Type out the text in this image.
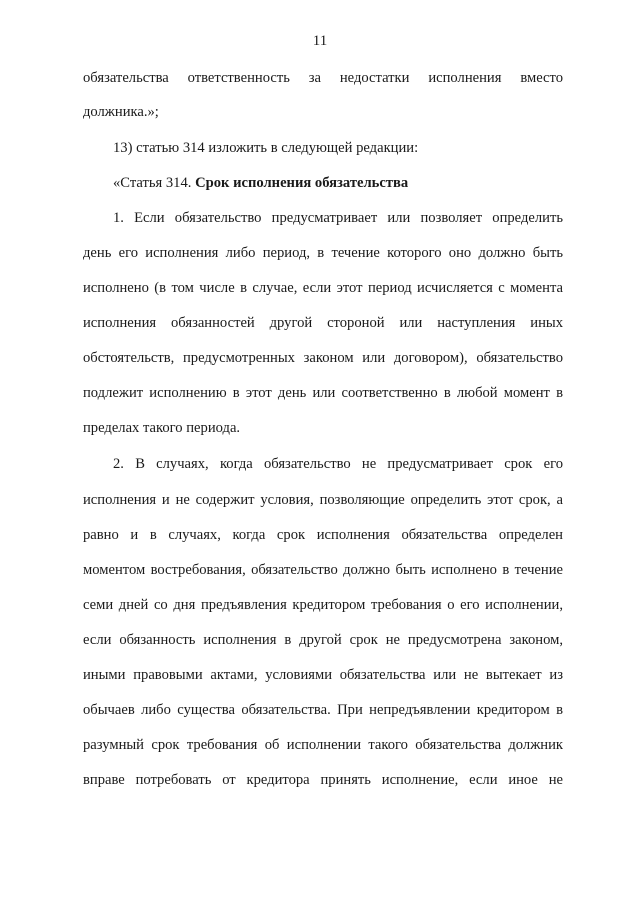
11
обязательства ответственность за недостатки исполнения вместо
должника.»;
13) статью 314 изложить в следующей редакции:
«Статья 314. Срок исполнения обязательства
1. Если обязательство предусматривает или позволяет определить
день его исполнения либо период, в течение которого оно должно быть
исполнено (в том числе в случае, если этот период исчисляется с момента
исполнения обязанностей другой стороной или наступления иных
обстоятельств, предусмотренных законом или договором), обязательство
подлежит исполнению в этот день или соответственно в любой момент в
пределах такого периода.
2. В случаях, когда обязательство не предусматривает срок его
исполнения и не содержит условия, позволяющие определить этот срок, а
равно и в случаях, когда срок исполнения обязательства определен
моментом востребования, обязательство должно быть исполнено в течение
семи дней со дня предъявления кредитором требования о его исполнении,
если обязанность исполнения в другой срок не предусмотрена законом,
иными правовыми актами, условиями обязательства или не вытекает из
обычаев либо существа обязательства. При непредъявлении кредитором в
разумный срок требования об исполнении такого обязательства должник
вправе потребовать от кредитора принять исполнение, если иное не
